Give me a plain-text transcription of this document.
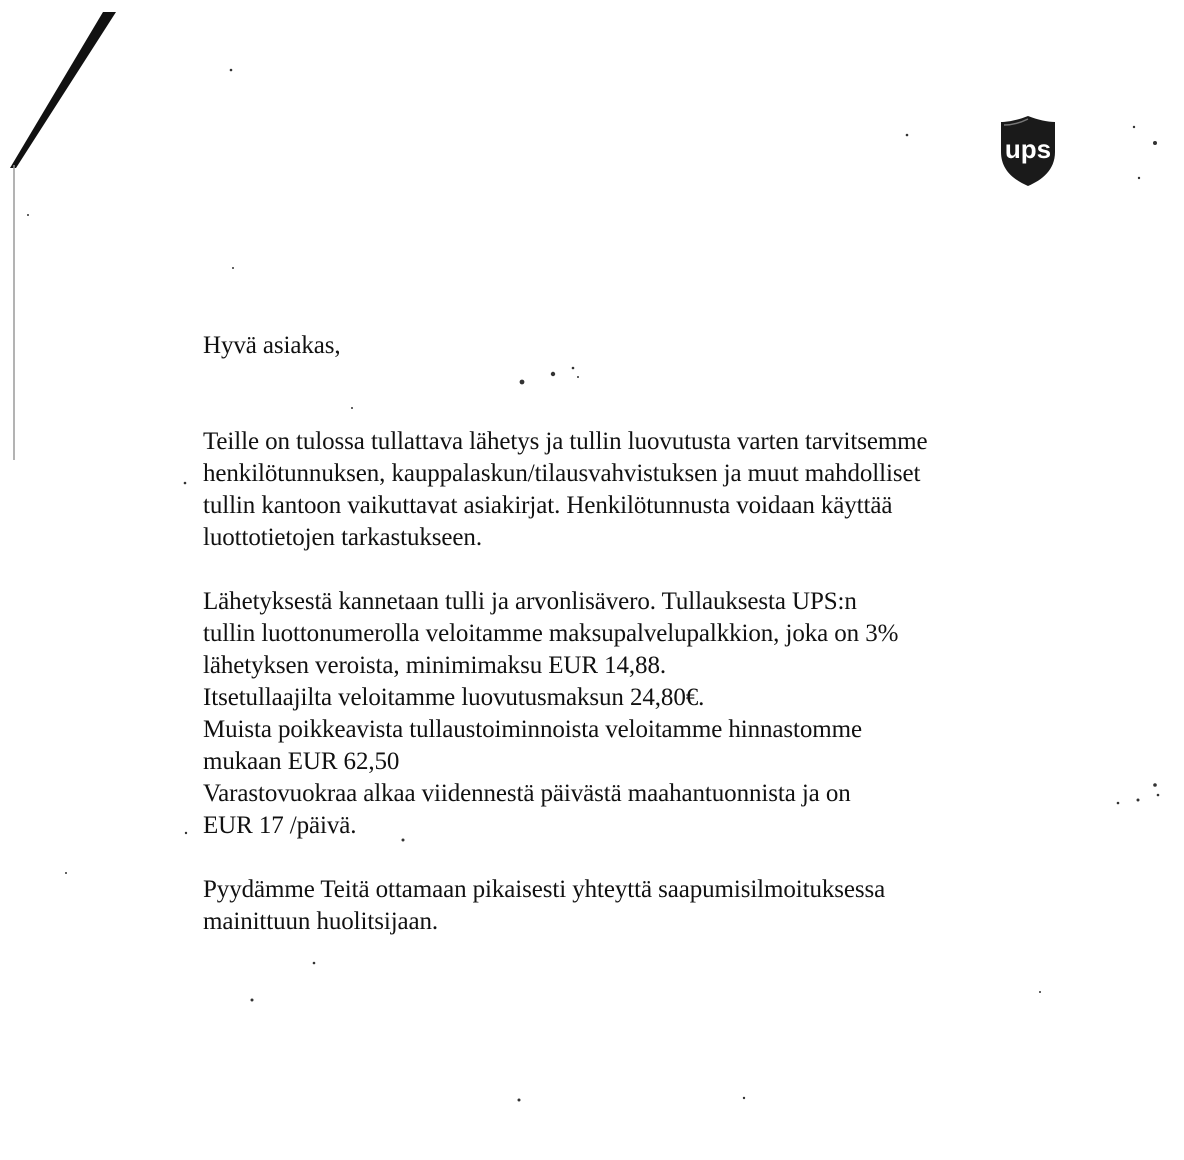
ups
Hyvä asiakas,
Teille on tulossa tullattava lähetys ja tullin luovutusta varten tarvitsemme
henkilötunnuksen, kauppalaskun/tilausvahvistuksen ja muut mahdolliset
tullin kantoon vaikuttavat asiakirjat. Henkilötunnusta voidaan käyttää
luottotietojen tarkastukseen.
Lähetyksestä kannetaan tulli ja arvonlisävero. Tullauksesta UPS:n
tullin luottonumerolla veloitamme maksupalvelupalkkion, joka on 3%
lähetyksen veroista, minimimaksu EUR 14,88.
Itsetullaajilta veloitamme luovutusmaksun 24,80€.
Muista poikkeavista tullaustoiminnoista veloitamme hinnastomme
mukaan EUR 62,50
Varastovuokraa alkaa viidennestä päivästä maahantuonnista ja on
EUR 17 /päivä.
Pyydämme Teitä ottamaan pikaisesti yhteyttä saapumisilmoituksessa
mainittuun huolitsijaan.
